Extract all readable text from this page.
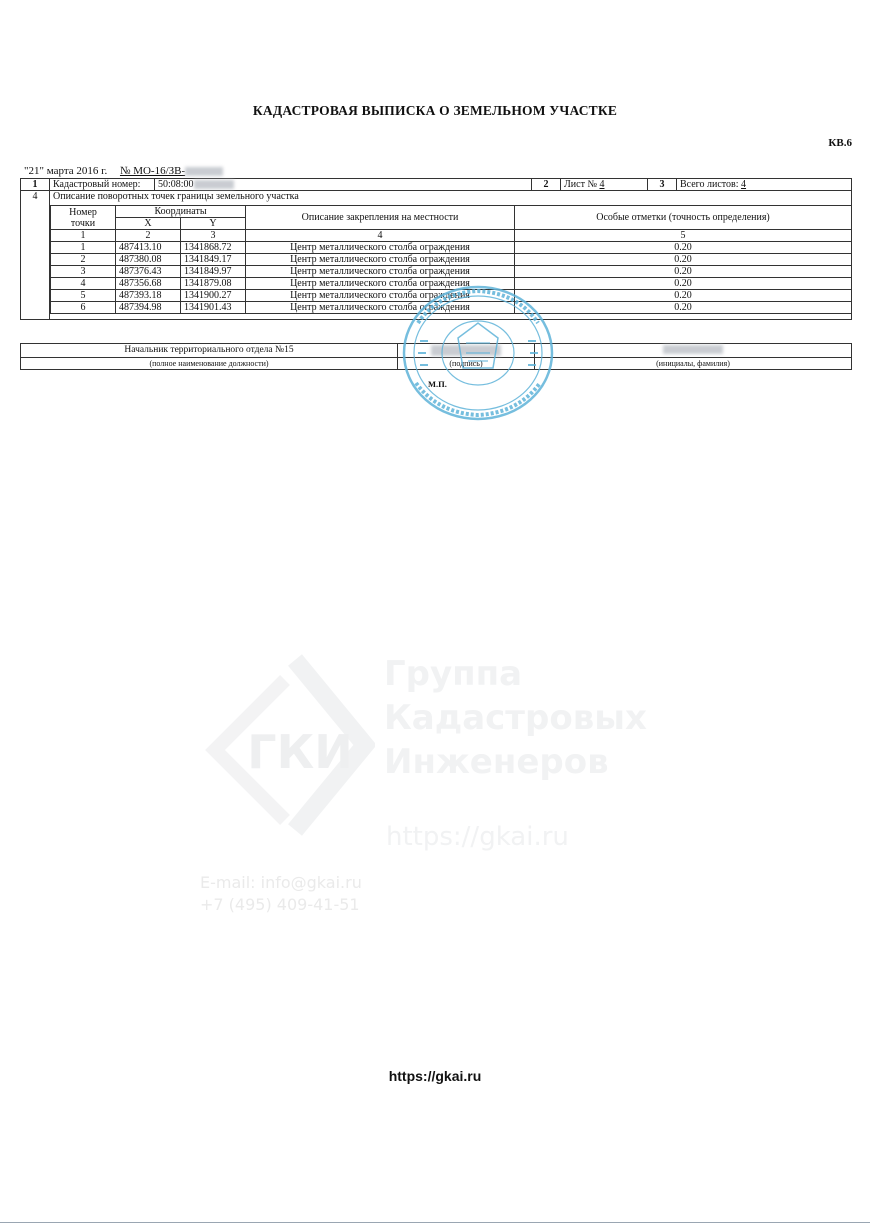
КАДАСТРОВАЯ ВЫПИСКА О ЗЕМЕЛЬНОМ УЧАСТКЕ
КВ.6
"21" марта 2016 г. № МО-16/ЗВ-
1	Кадастровый номер:	50:08:00	2	Лист № 4	3	Всего листов: 4
4	Описание поворотных точек границы земельного участка					
Номер
точки	Координаты		Описание закрепления на местности	Особые отметки (точность определения)
	X	Y		
1	2	3	4	5
1	487413.10	1341868.72	Центр металлического столба ограждения	0.20
2	487380.08	1341849.17	Центр металлического столба ограждения	0.20
3	487376.43	1341849.97	Центр металлического столба ограждения	0.20
4	487356.68	1341879.08	Центр металлического столба ограждения	0.20
5	487393.18	1341900.27	Центр металлического столба ограждения	0.20
6	487394.98	1341901.43	Центр металлического столба ограждения	0.20
Начальник территориального отдела №15		
(полное наименование должности)	(подпись)	(инициалы, фамилия)
М.П.
ГКИ
Группа
Кадастровых
Инженеров
https://gkai.ru
E-mail: info@gkai.ru
+7 (495) 409-41-51
https://gkai.ru
